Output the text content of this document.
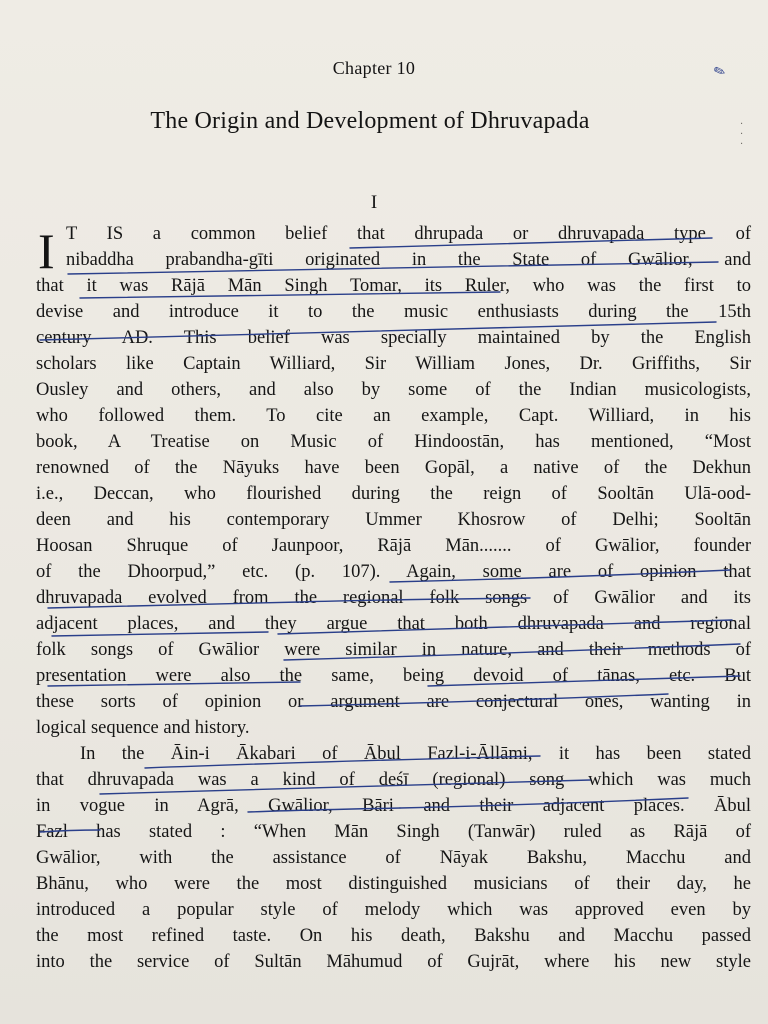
✎
·
·
·
Chapter 10
The Origin and Development of Dhruvapada
I
I T IS a common belief that dhrupada or dhruvapada type of
nibaddha prabandha-gīti originated in the State of Gwālior, and
that it was Rājā Mān Singh Tomar, its Ruler, who was the first to
devise and introduce it to the music enthusiasts during the 15th
century AD. This belief was specially maintained by the English
scholars like Captain Williard, Sir William Jones, Dr. Griffiths, Sir
Ousley and others, and also by some of the Indian musicologists,
who followed them. To cite an example, Capt. Williard, in his
book, A Treatise on Music of Hindoostān, has mentioned, “Most
renowned of the Nāyuks have been Gopāl, a native of the Dekhun
i.e., Deccan, who flourished during the reign of Sooltān Ulā-ood-
deen and his contemporary Ummer Khosrow of Delhi; Sooltān
Hoosan Shruque of Jaunpoor, Rājā Mān....... of Gwālior, founder
of the Dhoorpud,” etc. (p. 107). Again, some are of opinion that
dhruvapada evolved from the regional folk songs of Gwālior and its
adjacent places, and they argue that both dhruvapada and regional
folk songs of Gwālior were similar in nature, and their methods of
presentation were also the same, being devoid of tānas, etc. But
these sorts of opinion or argument are conjectural ones, wanting in
logical sequence and history.
In the Āin-i Ākabari of Ābul Fazl-i-Āllāmi, it has been stated
that dhruvapada was a kind of deśī (regional) song which was much
in vogue in Agrā, Gwālior, Bāri and their adjacent places. Ābul
Fazl has stated : “When Mān Singh (Tanwār) ruled as Rājā of
Gwālior, with the assistance of Nāyak Bakshu, Macchu and
Bhānu, who were the most distinguished musicians of their day, he
introduced a popular style of melody which was approved even by
the most refined taste. On his death, Bakshu and Macchu passed
into the service of Sultān Māhumud of Gujrāt, where his new style
